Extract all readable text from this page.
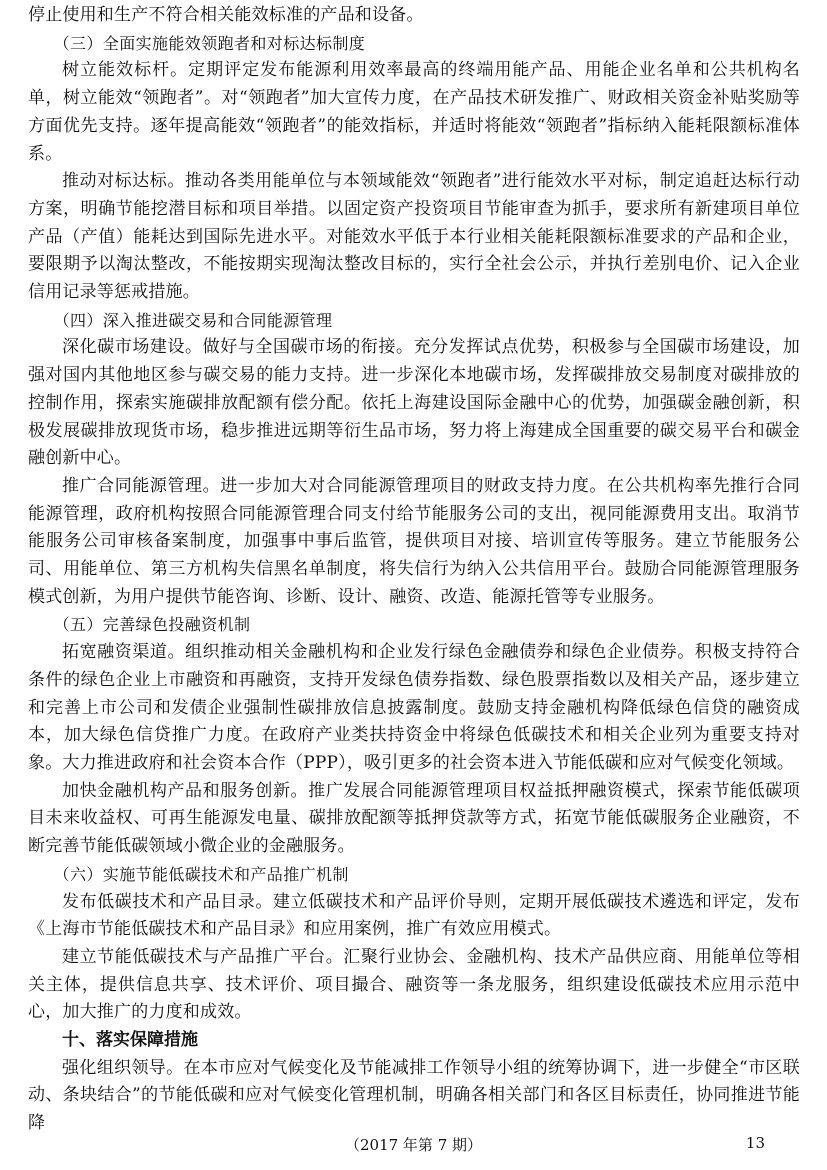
停止使用和生产不符合相关能效标准的产品和设备。

（三）全面实施能效领跑者和对标达标制度

树立能效标杆。定期评定发布能源利用效率最高的终端用能产品、用能企业名单和公共机构名单，树立能效“领跑者”。对“领跑者”加大宣传力度，在产品技术研发推广、财政相关资金补贴奖励等方面优先支持。逐年提高能效“领跑者”的能效指标，并适时将能效“领跑者”指标纳入能耗限额标准体系。

推动对标达标。推动各类用能单位与本领域能效“领跑者”进行能效水平对标，制定追赶达标行动方案，明确节能挖潜目标和项目举措。以固定资产投资项目节能审查为抓手，要求所有新建项目单位产品（产值）能耗达到国际先进水平。对能效水平低于本行业相关能耗限额标准要求的产品和企业，要限期予以淘汰整改，不能按期实现淘汰整改目标的，实行全社会公示，并执行差别电价、记入企业信用记录等惩戒措施。

（四）深入推进碳交易和合同能源管理

深化碳市场建设。做好与全国碳市场的衔接。充分发挥试点优势，积极参与全国碳市场建设，加强对国内其他地区参与碳交易的能力支持。进一步深化本地碳市场，发挥碳排放交易制度对碳排放的控制作用，探索实施碳排放配额有偿分配。依托上海建设国际金融中心的优势，加强碳金融创新，积极发展碳排放现货市场，稳步推进远期等衍生品市场，努力将上海建成全国重要的碳交易平台和碳金融创新中心。

推广合同能源管理。进一步加大对合同能源管理项目的财政支持力度。在公共机构率先推行合同能源管理，政府机构按照合同能源管理合同支付给节能服务公司的支出，视同能源费用支出。取消节能服务公司审核备案制度，加强事中事后监管，提供项目对接、培训宣传等服务。建立节能服务公司、用能单位、第三方机构失信黑名单制度，将失信行为纳入公共信用平台。鼓励合同能源管理服务模式创新，为用户提供节能咨询、诊断、设计、融资、改造、能源托管等专业服务。

（五）完善绿色投融资机制

拓宽融资渠道。组织推动相关金融机构和企业发行绿色金融债券和绿色企业债券。积极支持符合条件的绿色企业上市融资和再融资，支持开发绿色债券指数、绿色股票指数以及相关产品，逐步建立和完善上市公司和发债企业强制性碳排放信息披露制度。鼓励支持金融机构降低绿色信贷的融资成本，加大绿色信贷推广力度。在政府产业类扶持资金中将绿色低碳技术和相关企业列为重要支持对象。大力推进政府和社会资本合作（PPP），吸引更多的社会资本进入节能低碳和应对气候变化领域。

加快金融机构产品和服务创新。推广发展合同能源管理项目权益抵押融资模式，探索节能低碳项目未来收益权、可再生能源发电量、碳排放配额等抵押贷款等方式，拓宽节能低碳服务企业融资，不断完善节能低碳领域小微企业的金融服务。

（六）实施节能低碳技术和产品推广机制

发布低碳技术和产品目录。建立低碳技术和产品评价导则，定期开展低碳技术遴选和评定，发布《上海市节能低碳技术和产品目录》和应用案例，推广有效应用模式。

建立节能低碳技术与产品推广平台。汇聚行业协会、金融机构、技术产品供应商、用能单位等相关主体，提供信息共享、技术评价、项目撮合、融资等一条龙服务，组织建设低碳技术应用示范中心，加大推广的力度和成效。

十、落实保障措施

强化组织领导。在本市应对气候变化及节能减排工作领导小组的统筹协调下，进一步健全“市区联动、条块结合”的节能低碳和应对气候变化管理机制，明确各相关部门和各区目标责任，协同推进节能降

（2017 年第 7 期）	13
